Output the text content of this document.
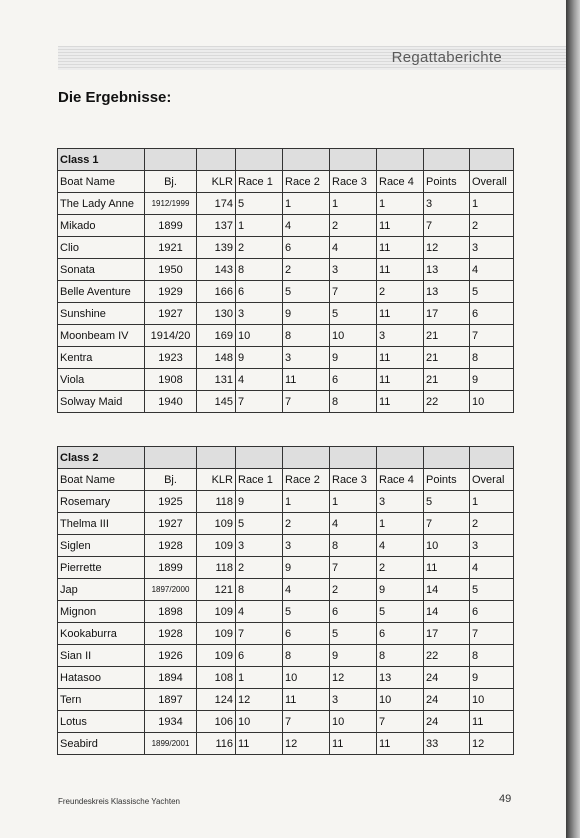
Regattaberichte
Die Ergebnisse:
Class 1								
Boat Name	Bj.	KLR	Race 1	Race 2	Race 3	Race 4	Points	Overall
The Lady Anne	1912/1999	174	5	1	1	1	3	1
Mikado	1899	137	1	4	2	11	7	2
Clio	1921	139	2	6	4	11	12	3
Sonata	1950	143	8	2	3	11	13	4
Belle Aventure	1929	166	6	5	7	2	13	5
Sunshine	1927	130	3	9	5	11	17	6
Moonbeam IV	1914/20	169	10	8	10	3	21	7
Kentra	1923	148	9	3	9	11	21	8
Viola	1908	131	4	11	6	11	21	9
Solway Maid	1940	145	7	7	8	11	22	10
Class 2								
Boat Name	Bj.	KLR	Race 1	Race 2	Race 3	Race 4	Points	Overal
Rosemary	1925	118	9	1	1	3	5	1
Thelma III	1927	109	5	2	4	1	7	2
Siglen	1928	109	3	3	8	4	10	3
Pierrette	1899	118	2	9	7	2	11	4
Jap	1897/2000	121	8	4	2	9	14	5
Mignon	1898	109	4	5	6	5	14	6
Kookaburra	1928	109	7	6	5	6	17	7
Sian II	1926	109	6	8	9	8	22	8
Hatasoo	1894	108	1	10	12	13	24	9
Tern	1897	124	12	11	3	10	24	10
Lotus	1934	106	10	7	10	7	24	11
Seabird	1899/2001	116	11	12	11	11	33	12
Freundeskreis Klassische Yachten	49
